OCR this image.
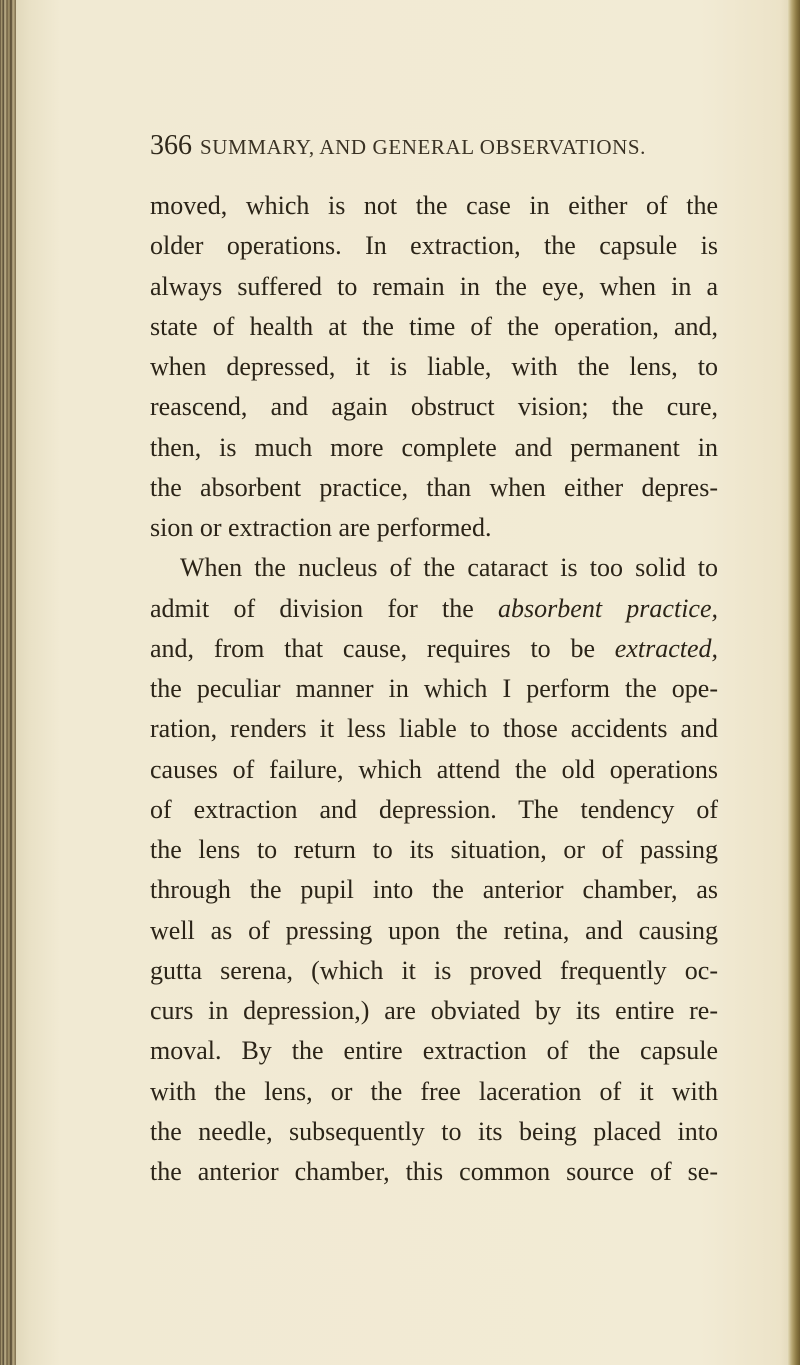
366 SUMMARY, AND GENERAL OBSERVATIONS.
moved, which is not the case in either of the
older operations. In extraction, the capsule is
always suffered to remain in the eye, when in a
state of health at the time of the operation, and,
when depressed, it is liable, with the lens, to
reascend, and again obstruct vision; the cure,
then, is much more complete and permanent in
the absorbent practice, than when either depres-
sion or extraction are performed.
When the nucleus of the cataract is too solid to
admit of division for the absorbent practice,
and, from that cause, requires to be extracted,
the peculiar manner in which I perform the ope-
ration, renders it less liable to those accidents and
causes of failure, which attend the old operations
of extraction and depression. The tendency of
the lens to return to its situation, or of passing
through the pupil into the anterior chamber, as
well as of pressing upon the retina, and causing
gutta serena, (which it is proved frequently oc-
curs in depression,) are obviated by its entire re-
moval. By the entire extraction of the capsule
with the lens, or the free laceration of it with
the needle, subsequently to its being placed into
the anterior chamber, this common source of se-
